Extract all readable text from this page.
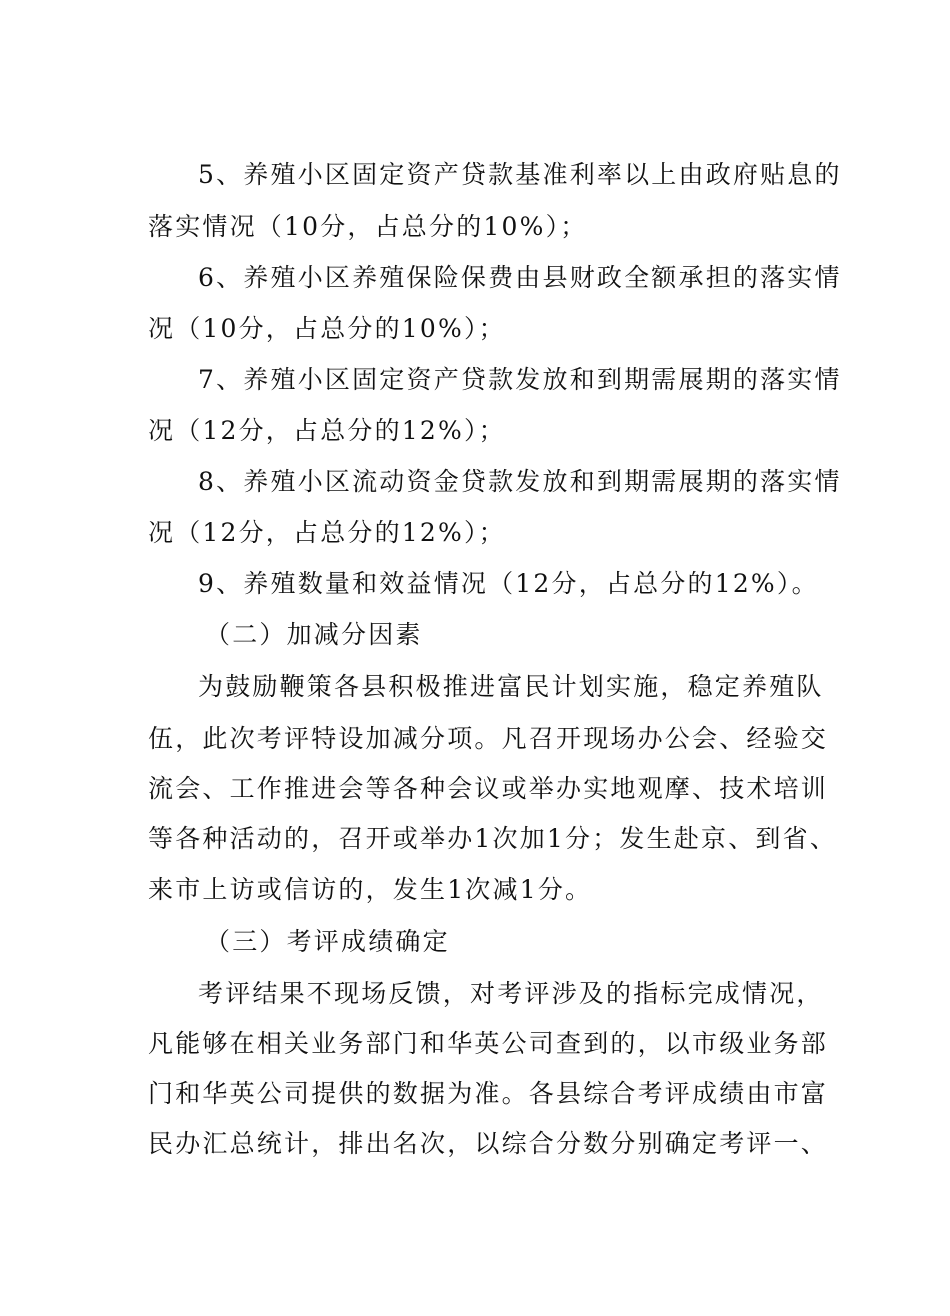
5、养殖小区固定资产贷款基准利率以上由政府贴息的
落实情况（10分，占总分的10%）；
6、养殖小区养殖保险保费由县财政全额承担的落实情
况（10分，占总分的10%）；
7、养殖小区固定资产贷款发放和到期需展期的落实情
况（12分，占总分的12%）；
8、养殖小区流动资金贷款发放和到期需展期的落实情
况（12分，占总分的12%）；
9、养殖数量和效益情况（12分，占总分的12%）。
（二）加减分因素
为鼓励鞭策各县积极推进富民计划实施，稳定养殖队
伍，此次考评特设加减分项。凡召开现场办公会、经验交
流会、工作推进会等各种会议或举办实地观摩、技术培训
等各种活动的，召开或举办1次加1分；发生赴京、到省、
来市上访或信访的，发生1次减1分。
（三）考评成绩确定
考评结果不现场反馈，对考评涉及的指标完成情况，
凡能够在相关业务部门和华英公司查到的，以市级业务部
门和华英公司提供的数据为准。各县综合考评成绩由市富
民办汇总统计，排出名次，以综合分数分别确定考评一、
